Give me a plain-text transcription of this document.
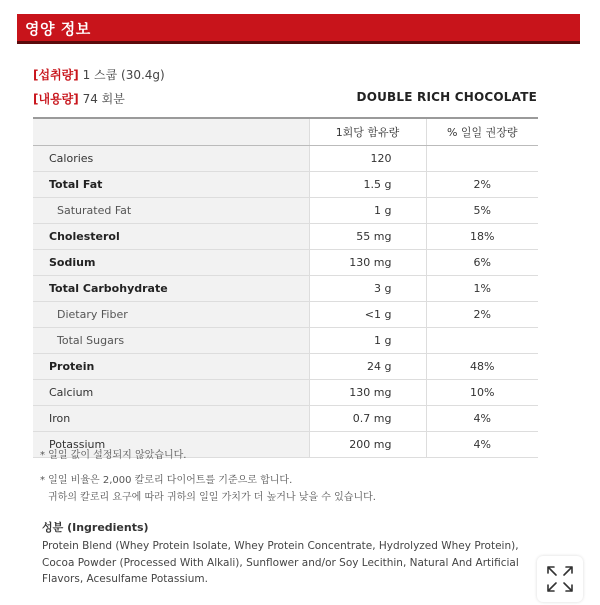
영양 정보
[섭취량] 1 스쿱 (30.4g)
[내용량] 74 회분	DOUBLE RICH CHOCOLATE
	1회당 함유량	% 일일 권장량
Calories	120	
Total Fat	1.5 g	2%
Saturated Fat	1 g	5%
Cholesterol	55 mg	18%
Sodium	130 mg	6%
Total Carbohydrate	3 g	1%
Dietary Fiber	<1 g	2%
Total Sugars	1 g	
Protein	24 g	48%
Calcium	130 mg	10%
Iron	0.7 mg	4%
Potassium	200 mg	4%
* 일일 값이 설정되지 않았습니다.
* 일일 비율은 2,000 칼로리 다이어트를 기준으로 합니다.
귀하의 칼로리 요구에 따라 귀하의 일일 가치가 더 높거나 낮을 수 있습니다.
성분 (Ingredients)
Protein Blend (Whey Protein Isolate, Whey Protein Concentrate, Hydrolyzed Whey Protein), Cocoa Powder (Processed With Alkali), Sunflower and/or Soy Lecithin, Natural And Artificial Flavors, Acesulfame Potassium.
